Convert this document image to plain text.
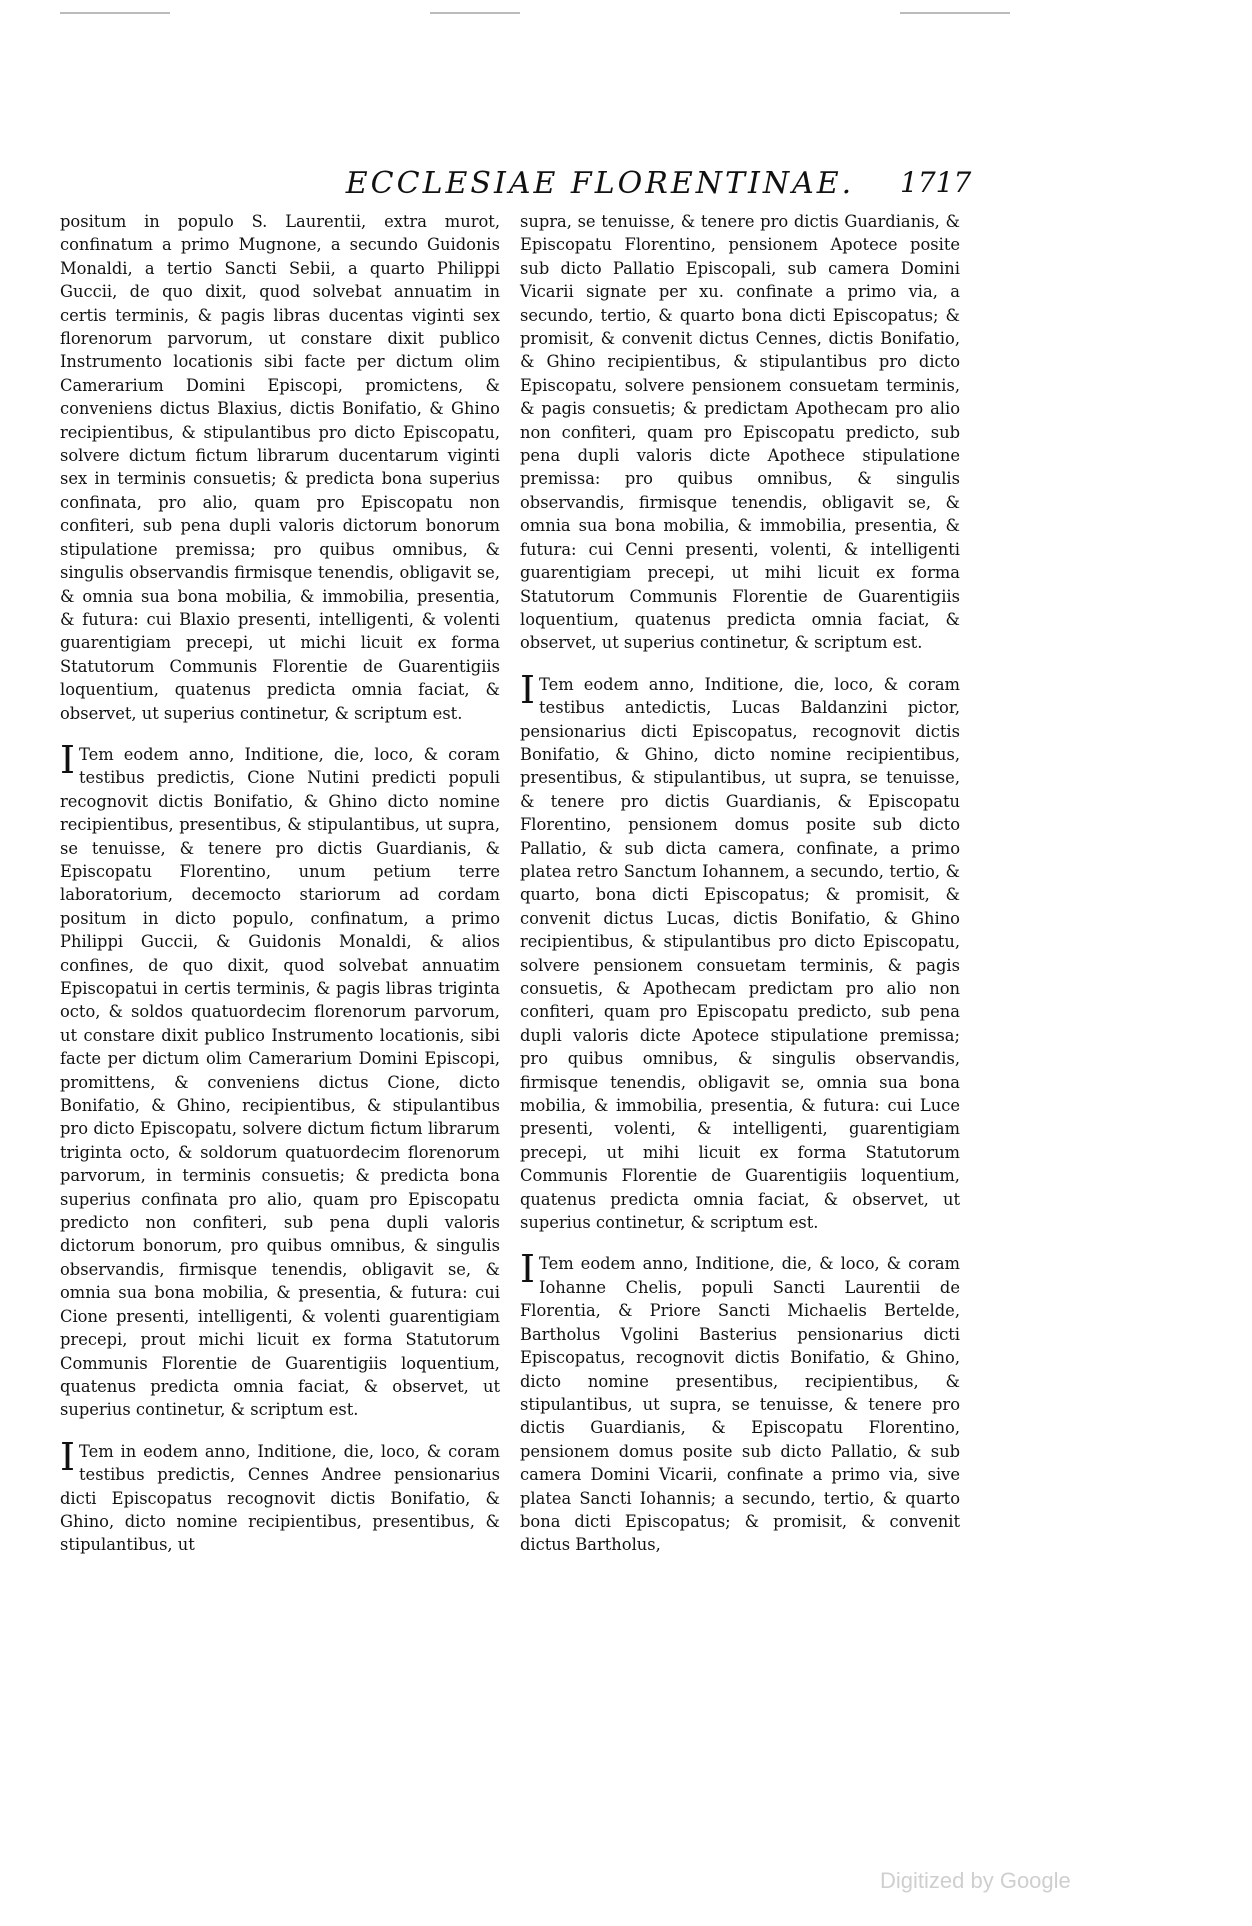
ECCLESIAE FLORENTINAE.	1717

positum in populo S. Laurentii, extra murot, confinatum a primo Mugnone, a secundo Guidonis Monaldi, a tertio Sancti Sebii, a quarto Philippi Guccii, de quo dixit, quod solvebat annuatim in certis terminis, & pagis libras ducentas viginti sex florenorum parvorum, ut constare dixit publico Instrumento locationis sibi facte per dictum olim Camerarium Domini Episcopi, promictens, & conveniens dictus Blaxius, dictis Bonifatio, & Ghino recipientibus, & stipulantibus pro dicto Episcopatu, solvere dictum fictum librarum ducentarum viginti sex in terminis consuetis; & predicta bona superius confinata, pro alio, quam pro Episcopatu non confiteri, sub pena dupli valoris dictorum bonorum stipulatione premissa; pro quibus omnibus, & singulis observandis firmisque tenendis, obligavit se, & omnia sua bona mobilia, & immobilia, presentia, & futura: cui Blaxio presenti, intelligenti, & volenti guarentigiam precepi, ut michi licuit ex forma Statutorum Communis Florentie de Guarentigiis loquentium, quatenus predicta omnia faciat, & observet, ut superius continetur, & scriptum est.

I Tem eodem anno, Inditione, die, loco, & coram testibus predictis, Cione Nutini predicti populi recognovit dictis Bonifatio, & Ghino dicto nomine recipientibus, presentibus, & stipulantibus, ut supra, se tenuisse, & tenere pro dictis Guardianis, & Episcopatu Florentino, unum petium terre laboratorium, decemocto stariorum ad cordam positum in dicto populo, confinatum, a primo Philippi Guccii, & Guidonis Monaldi, & alios confines, de quo dixit, quod solvebat annuatim Episcopatui in certis terminis, & pagis libras triginta octo, & soldos quatuordecim florenorum parvorum, ut constare dixit publico Instrumento locationis, sibi facte per dictum olim Camerarium Domini Episcopi, promittens, & conveniens dictus Cione, dicto Bonifatio, & Ghino, recipientibus, & stipulantibus pro dicto Episcopatu, solvere dictum fictum librarum triginta octo, & soldorum quatuordecim florenorum parvorum, in terminis consuetis; & predicta bona superius confinata pro alio, quam pro Episcopatu predicto non confiteri, sub pena dupli valoris dictorum bonorum, pro quibus omnibus, & singulis observandis, firmisque tenendis, obligavit se, & omnia sua bona mobilia, & presentia, & futura: cui Cione presenti, intelligenti, & volenti guarentigiam precepi, prout michi licuit ex forma Statutorum Communis Florentie de Guarentigiis loquentium, quatenus predicta omnia faciat, & observet, ut superius continetur, & scriptum est.

I Tem in eodem anno, Inditione, die, loco, & coram testibus predictis, Cennes Andree pensionarius dicti Episcopatus recognovit dictis Bonifatio, & Ghino, dicto nomine recipientibus, presentibus, & stipulantibus, ut

supra, se tenuisse, & tenere pro dictis Guardianis, & Episcopatu Florentino, pensionem Apotece posite sub dicto Pallatio Episcopali, sub camera Domini Vicarii signate per xu. confinate a primo via, a secundo, tertio, & quarto bona dicti Episcopatus; & promisit, & convenit dictus Cennes, dictis Bonifatio, & Ghino recipientibus, & stipulantibus pro dicto Episcopatu, solvere pensionem consuetam terminis, & pagis consuetis; & predictam Apothecam pro alio non confiteri, quam pro Episcopatu predicto, sub pena dupli valoris dicte Apothece stipulatione premissa: pro quibus omnibus, & singulis observandis, firmisque tenendis, obligavit se, & omnia sua bona mobilia, & immobilia, presentia, & futura: cui Cenni presenti, volenti, & intelligenti guarentigiam precepi, ut mihi licuit ex forma Statutorum Communis Florentie de Guarentigiis loquentium, quatenus predicta omnia faciat, & observet, ut superius continetur, & scriptum est.

I Tem eodem anno, Inditione, die, loco, & coram testibus antedictis, Lucas Baldanzini pictor, pensionarius dicti Episcopatus, recognovit dictis Bonifatio, & Ghino, dicto nomine recipientibus, presentibus, & stipulantibus, ut supra, se tenuisse, & tenere pro dictis Guardianis, & Episcopatu Florentino, pensionem domus posite sub dicto Pallatio, & sub dicta camera, confinate, a primo platea retro Sanctum Iohannem, a secundo, tertio, & quarto, bona dicti Episcopatus; & promisit, & convenit dictus Lucas, dictis Bonifatio, & Ghino recipientibus, & stipulantibus pro dicto Episcopatu, solvere pensionem consuetam terminis, & pagis consuetis, & Apothecam predictam pro alio non confiteri, quam pro Episcopatu predicto, sub pena dupli valoris dicte Apotece stipulatione premissa; pro quibus omnibus, & singulis observandis, firmisque tenendis, obligavit se, omnia sua bona mobilia, & immobilia, presentia, & futura: cui Luce presenti, volenti, & intelligenti, guarentigiam precepi, ut mihi licuit ex forma Statutorum Communis Florentie de Guarentigiis loquentium, quatenus predicta omnia faciat, & observet, ut superius continetur, & scriptum est.

I Tem eodem anno, Inditione, die, & loco, & coram Iohanne Chelis, populi Sancti Laurentii de Florentia, & Priore Sancti Michaelis Bertelde, Bartholus Vgolini Basterius pensionarius dicti Episcopatus, recognovit dictis Bonifatio, & Ghino, dicto nomine presentibus, recipientibus, & stipulantibus, ut supra, se tenuisse, & tenere pro dictis Guardianis, & Episcopatu Florentino, pensionem domus posite sub dicto Pallatio, & sub camera Domini Vicarii, confinate a primo via, sive platea Sancti Iohannis; a secundo, tertio, & quarto bona dicti Episcopatus; & promisit, & convenit dictus Bartholus,

Digitized by Google
